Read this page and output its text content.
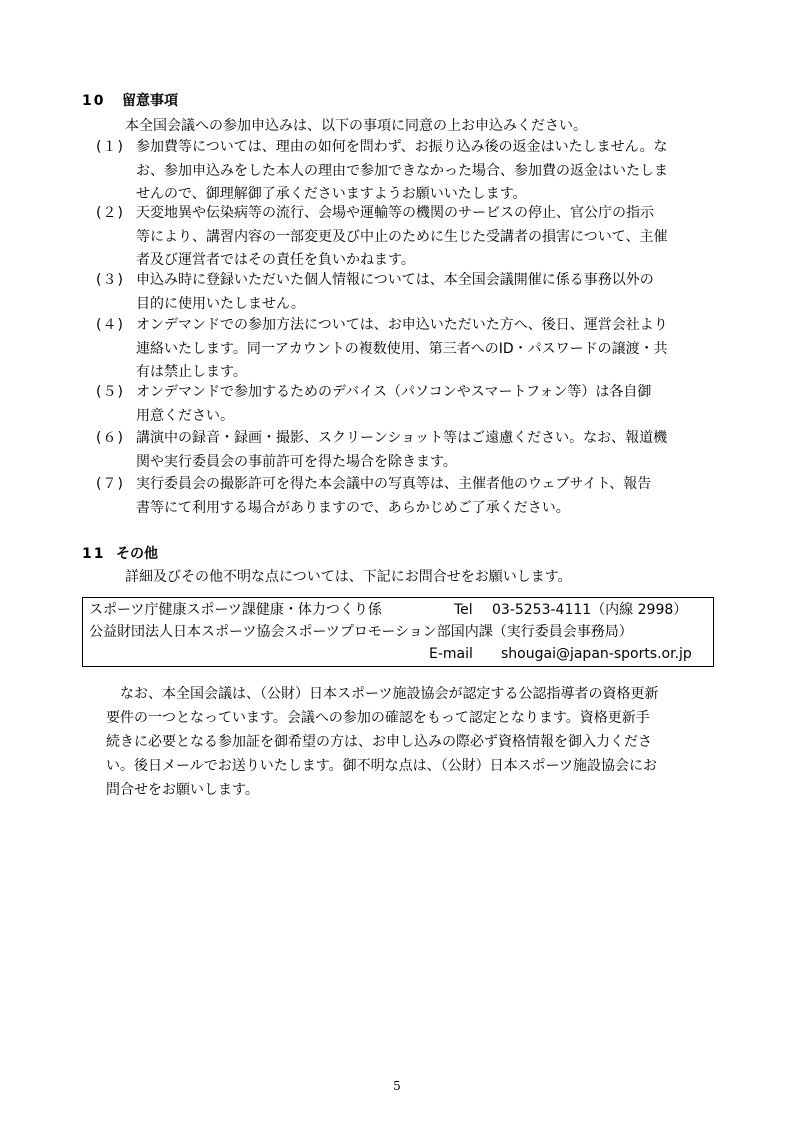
10 留意事項
本全国会議への参加申込みは、以下の事項に同意の上お申込みください。
(１) 参加費等については、理由の如何を問わず、お振り込み後の返金はいたしません。な
お、参加申込みをした本人の理由で参加できなかった場合、参加費の返金はいたしま
せんので、御理解御了承くださいますようお願いいたします。
(２) 天変地異や伝染病等の流行、会場や運輸等の機関のサービスの停止、官公庁の指示
等により、講習内容の一部変更及び中止のために生じた受講者の損害について、主催
者及び運営者ではその責任を負いかねます。
(３) 申込み時に登録いただいた個人情報については、本全国会議開催に係る事務以外の
目的に使用いたしません。
(４) オンデマンドでの参加方法については、お申込いただいた方へ、後日、運営会社より
連絡いたします。同一アカウントの複数使用、第三者へのID・パスワードの譲渡・共
有は禁止します。
(５) オンデマンドで参加するためのデバイス（パソコンやスマートフォン等）は各自御
用意ください。
(６) 講演中の録音・録画・撮影、スクリーンショット等はご遠慮ください。なお、報道機
関や実行委員会の事前許可を得た場合を除きます。
(７) 実行委員会の撮影許可を得た本会議中の写真等は、主催者他のウェブサイト、報告
書等にて利用する場合がありますので、あらかじめご了承ください。
11 その他
詳細及びその他不明な点については、下記にお問合せをお願いします。
スポーツ庁健康スポーツ課健康・体力つくり係	Tel 03-5253-4111（内線 2998）
公益財団法人日本スポーツ協会スポーツプロモーション部国内課（実行委員会事務局）
E-mail shougai@japan-sports.or.jp
なお、本全国会議は、（公財）日本スポーツ施設協会が認定する公認指導者の資格更新
要件の一つとなっています。会議への参加の確認をもって認定となります。資格更新手
続きに必要となる参加証を御希望の方は、お申し込みの際必ず資格情報を御入力くださ
い。後日メールでお送りいたします。御不明な点は、（公財）日本スポーツ施設協会にお
問合せをお願いします。
5
